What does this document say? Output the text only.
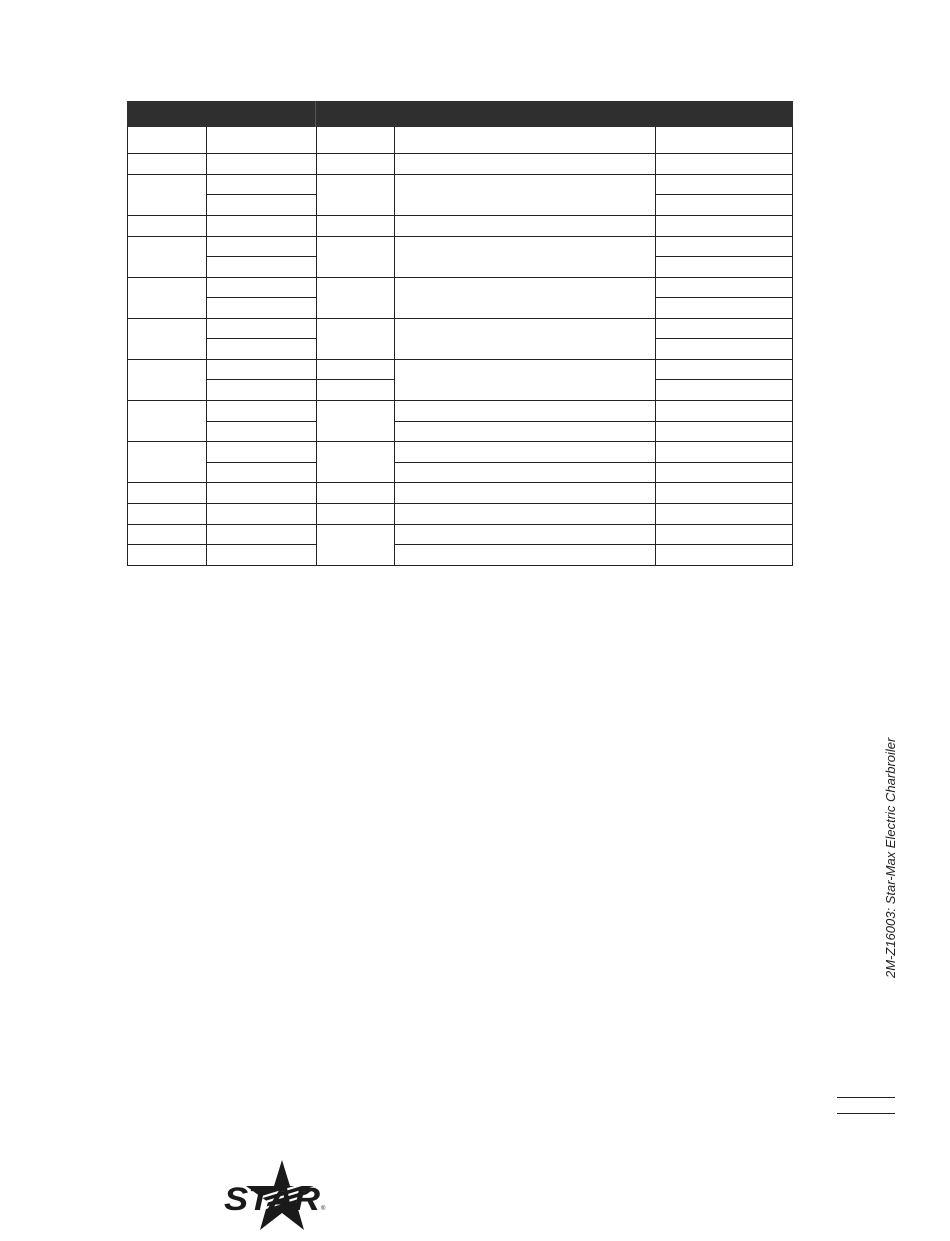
2M-Z16003: Star-Max Electric Charbroiler
STAR ®
